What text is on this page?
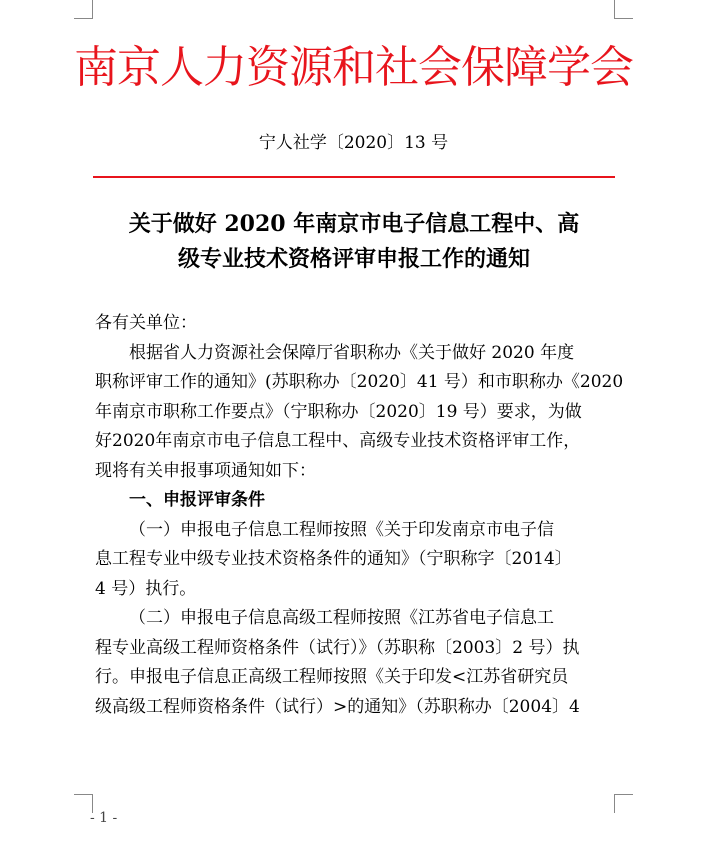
南京人力资源和社会保障学会
宁人社学〔2020〕13 号
关于做好 2020 年南京市电子信息工程中、高
级专业技术资格评审申报工作的通知
各有关单位：
根据省人力资源社会保障厅省职称办《关于做好 2020 年度
职称评审工作的通知》(苏职称办〔2020〕41 号）和市职称办《2020
年南京市职称工作要点》（宁职称办〔2020〕19 号）要求，为做
好2020年南京市电子信息工程中、高级专业技术资格评审工作，
现将有关申报事项通知如下：
一、申报评审条件
（一）申报电子信息工程师按照《关于印发南京市电子信
息工程专业中级专业技术资格条件的通知》（宁职称字〔2014〕
4 号）执行。
（二）申报电子信息高级工程师按照《江苏省电子信息工
程专业高级工程师资格条件（试行）》（苏职称〔2003〕2 号）执
行。申报电子信息正高级工程师按照《关于印发<江苏省研究员
级高级工程师资格条件（试行）>的通知》（苏职称办〔2004〕4
- 1 -
